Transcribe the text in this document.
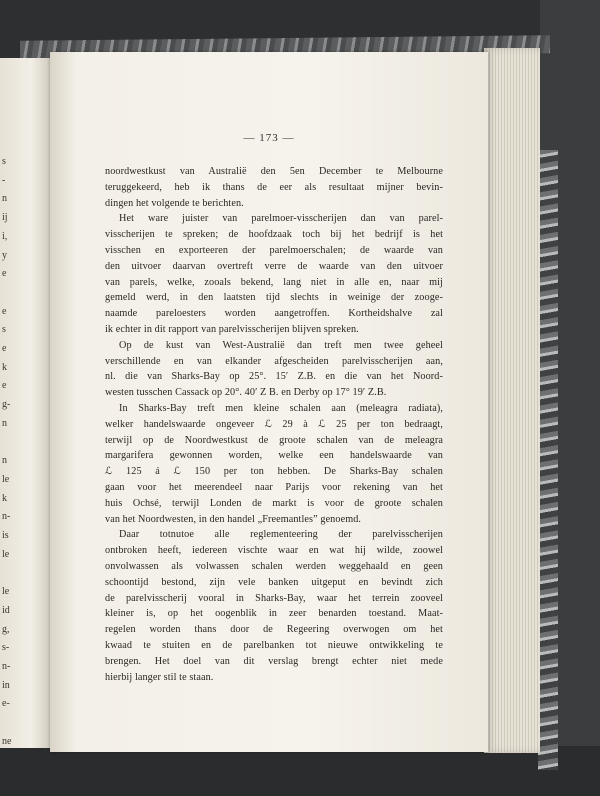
s
-
n
ij
i,
y
e

e
s
e
k
e
g-
n

n
le
k
n-
is
le

le
id
g,
s-
n-
in
e-

ne
— 173 —
noordwestkust van Australië den 5en December te Melbourne
teruggekeerd, heb ik thans de eer als resultaat mijner bevin-
dingen het volgende te berichten.
Het ware juister van parelmoer-visscherijen dan van parel-
visscherijen te spreken; de hoofdzaak toch bij het bedrijf is het
visschen en exporteeren der parelmoerschalen; de waarde van
den uitvoer daarvan overtreft verre de waarde van den uitvoer
van parels, welke, zooals bekend, lang niet in alle en, naar mij
gemeld werd, in den laatsten tijd slechts in weinige der zooge-
naamde pareloesters worden aangetroffen. Kortheidshalve zal
ik echter in dit rapport van parelvisscherijen blijven spreken.
Op de kust van West-Australië dan treft men twee geheel
verschillende en van elkander afgescheiden parelvisscherijen aan,
nl. die van Sharks-Bay op 25°. 15′ Z.B. en die van het Noord-
westen tusschen Cassack op 20°. 40′ Z B. en Derby op 17° 19′ Z.B.
In Sharks-Bay treft men kleine schalen aan (meleagra radiata),
welker handelswaarde ongeveer ℒ 29 à ℒ 25 per ton bedraagt,
terwijl op de Noordwestkust de groote schalen van de meleagra
margarifera gewonnen worden, welke een handelswaarde van
ℒ 125 á ℒ 150 per ton hebben. De Sharks-Bay schalen
gaan voor het meerendeel naar Parijs voor rekening van het
huis Ochsé, terwijl Londen de markt is voor de groote schalen
van het Noordwesten, in den handel „Freemantles” genoemd.
Daar totnutoe alle reglementeering der parelvisscherijen
ontbroken heeft, iedereen vischte waar en wat hij wilde, zoowel
onvolwassen als volwassen schalen werden weggehaald en geen
schoontijd bestond, zijn vele banken uitgeput en bevindt zich
de parelvisscherij vooral in Sharks-Bay, waar het terrein zooveel
kleiner is, op het oogenblik in zeer benarden toestand. Maat-
regelen worden thans door de Regeering overwogen om het
kwaad te stuiten en de parelbanken tot nieuwe ontwikkeling te
brengen. Het doel van dit verslag brengt echter niet mede
hierbij langer stil te staan.
